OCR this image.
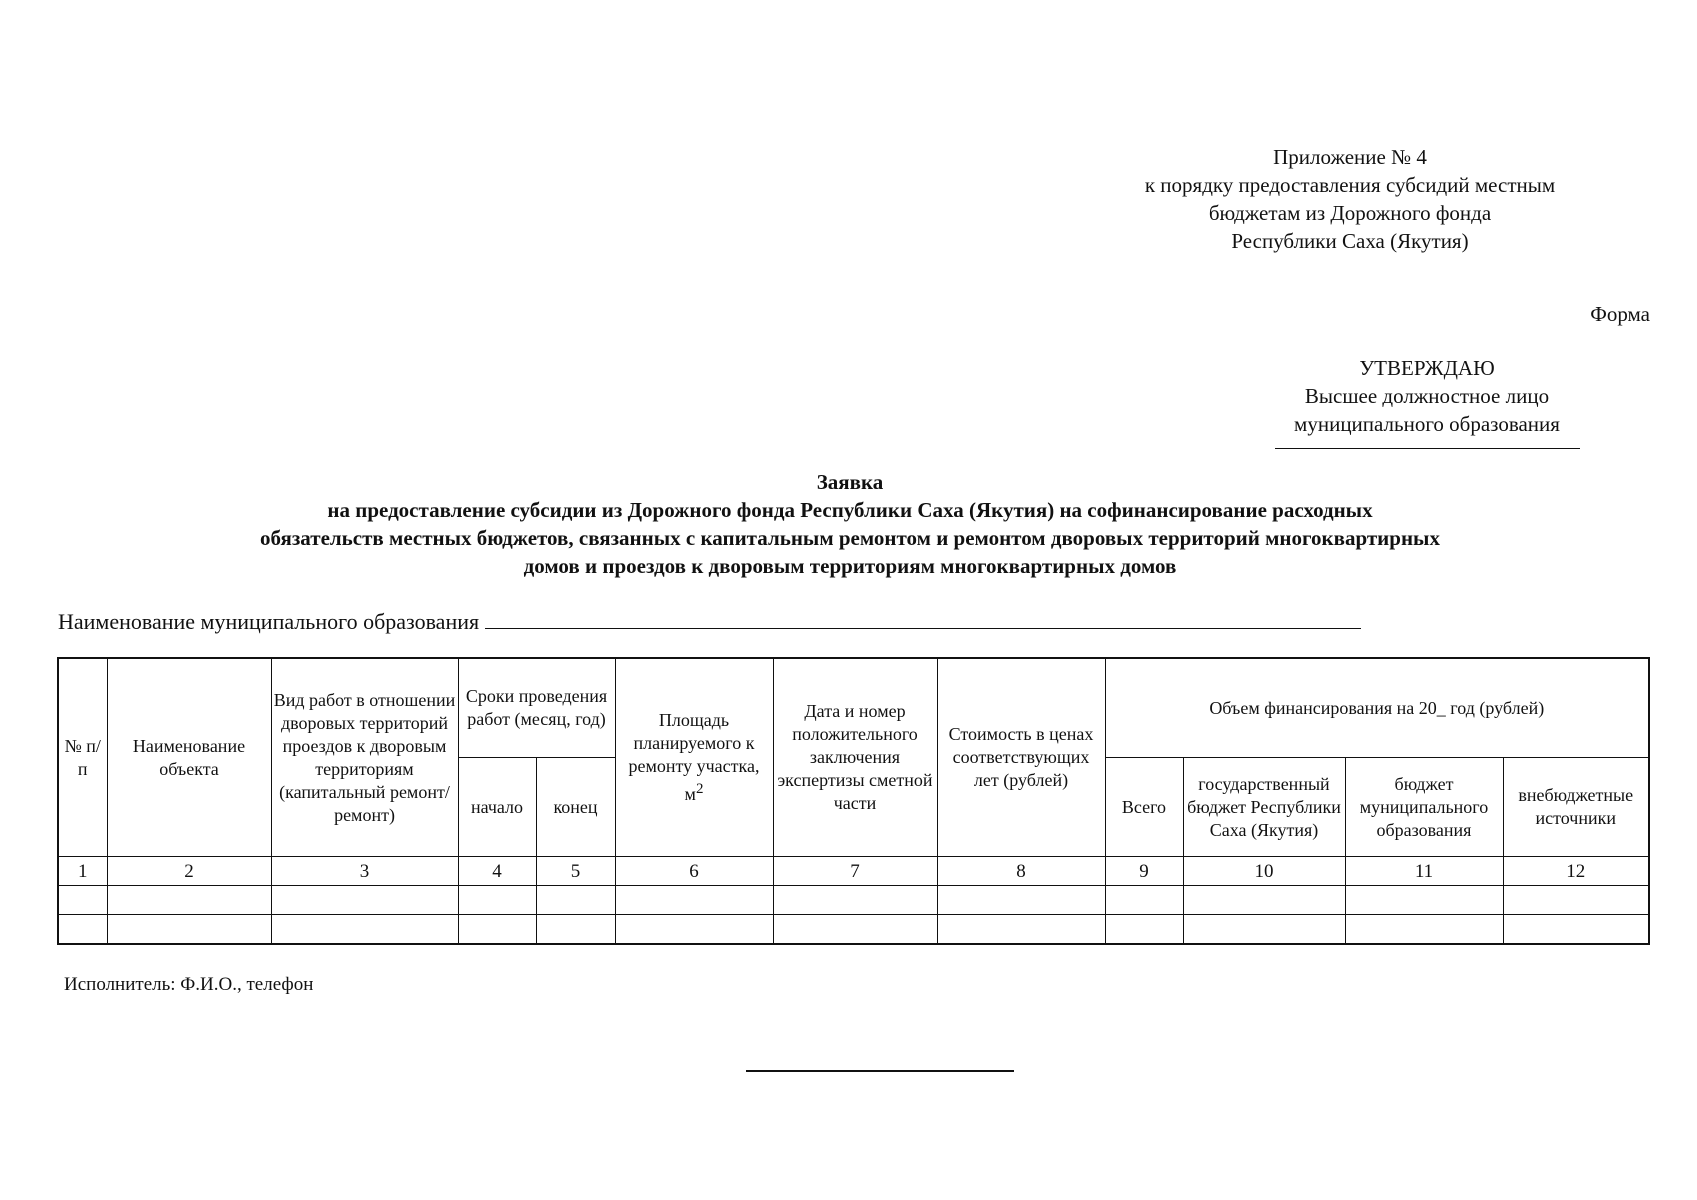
Приложение № 4
к порядку предоставления субсидий местным
бюджетам из Дорожного фонда
Республики Саха (Якутия)
Форма
УТВЕРЖДАЮ
Высшее должностное лицо
муниципального образования
Заявка
на предоставление субсидии из Дорожного фонда Республики Саха (Якутия) на софинансирование расходных
обязательств местных бюджетов, связанных с капитальным ремонтом и ремонтом дворовых территорий многоквартирных
домов и проездов к дворовым территориям многоквартирных домов
Наименование муниципального образования
№ п/п	Наименование объекта	Вид работ в отношении дворовых территорий проездов к дворовым территориям (капитальный ремонт/ремонт)	Сроки проведения работ (месяц, год)		Площадь планируемого к ремонту участка, $м^2$	Дата и номер положительного заключения экспертизы сметной части	Стоимость в ценах соответствующих лет (рублей)	Объем финансирования на 20_ год (рублей)			
			начало	конец				Всего	государственный бюджет Республики Саха (Якутия)	бюджет муниципального образования	внебюджетные источники
1	2	3	4	5	6	7	8	9	10	11	12

Исполнитель: Ф.И.О., телефон
